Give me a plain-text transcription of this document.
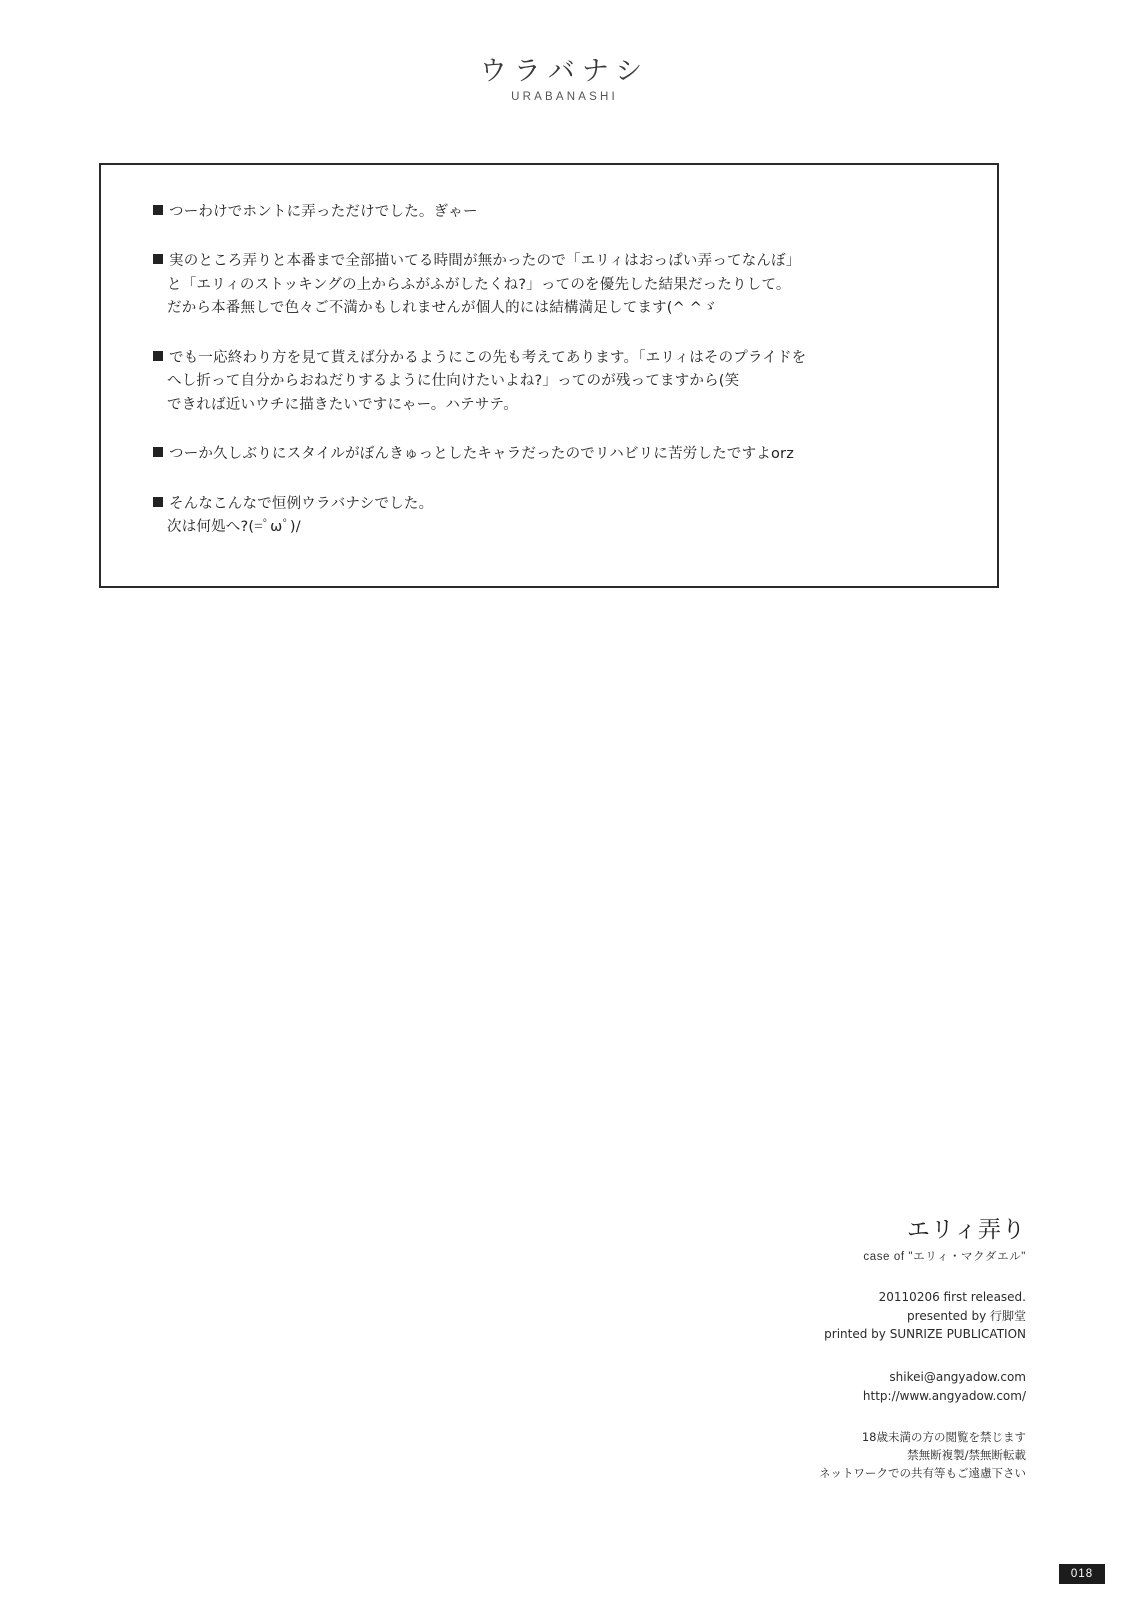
ウラバナシ
URABANASHI

つーわけでホントに弄っただけでした。ぎゃー

実のところ弄りと本番まで全部描いてる時間が無かったので「エリィはおっぱい弄ってなんぼ」
と「エリィのストッキングの上からふがふがしたくね?」ってのを優先した結果だったりして。
だから本番無しで色々ご不満かもしれませんが個人的には結構満足してます(^ ^ゞ

でも一応終わり方を見て貰えば分かるようにこの先も考えてあります。「エリィはそのプライドを
へし折って自分からおねだりするように仕向けたいよね?」ってのが残ってますから(笑
できれば近いウチに描きたいですにゃー。ハテサテ。

つーか久しぶりにスタイルがぼんきゅっとしたキャラだったのでリハビリに苦労したですよorz

そんなこんなで恒例ウラバナシでした。
次は何処へ?(=ﾟωﾟ)/

エリィ弄り
case of "エリィ・マクダエル"
20110206 first released.
presented by 行脚堂
printed by SUNRIZE PUBLICATION
shikei@angyadow.com
http://www.angyadow.com/
18歳未満の方の閲覧を禁じます
禁無断複製/禁無断転載
ネットワークでの共有等もご遠慮下さい
018
